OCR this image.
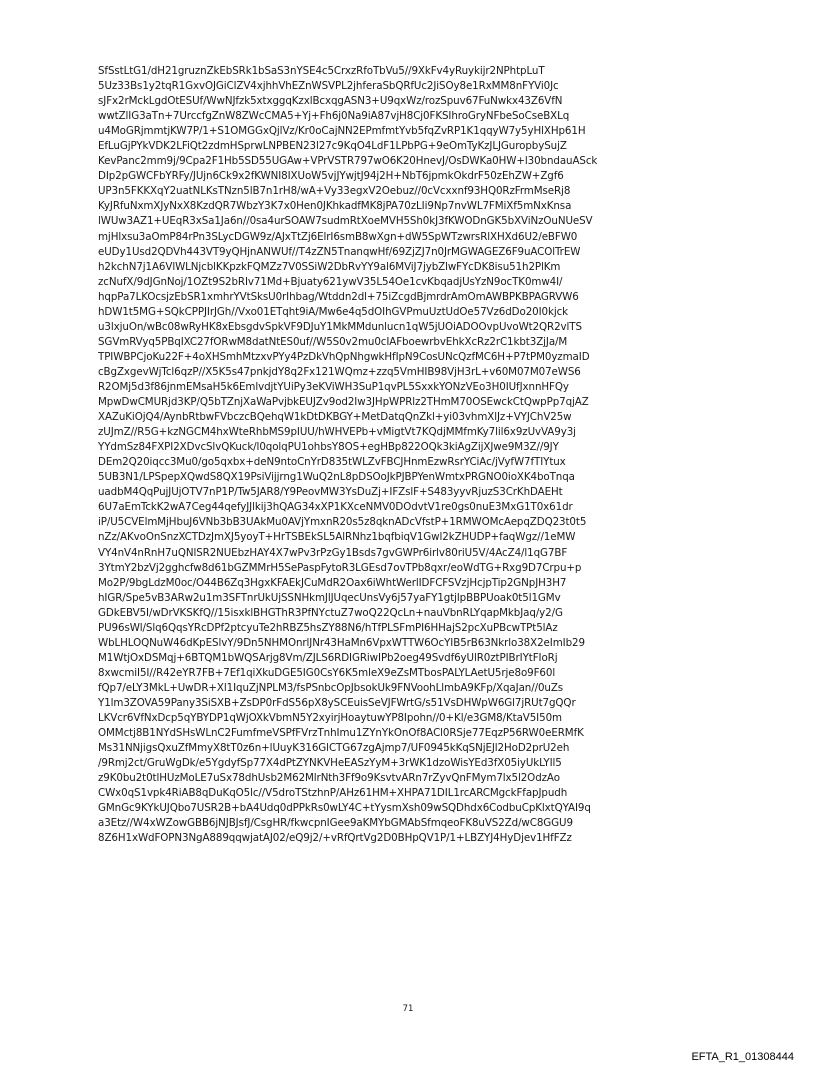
SfSstLtG1/dH21gruznZkEbSRk1bSaS3nYSE4c5CrxzRfoTbVu5//9XkFv4yRuykijr2NPhtpLuT
5Uz33Bs1y2tqR1GxvOJGiClZV4xjhhVhEZnWSVPL2jhferaSbQRfUc2JiSOy8e1RxMM8nFYVi0Jc
sJFx2rMckLgdOtESUf/WwNJfzk5xtxggqKzxlBcxqgASN3+U9qxWz/rozSpuv67FuNwkx43Z6VfN
wwtZlIG3aTn+7UrccfgZnW8ZWcCMA5+Yj+Fh6j0Na9iA87vjH8Cj0FKSIhroGryNFbeSoCseBXLq
u4MoGRjmmtjKW7P/1+S1OMGGxQjlVz/Kr0oCajNN2EPmfmtYvb5fqZvRP1K1qqyW7y5yHlXHp61H
EfLuGjPYkVDK2LFiQt2zdmHSprwLNPBEN23l27c9KqO4LdF1LPbPG+9eOmTyKzJLJGuropbySujZ
KevPanc2mm9j/9Cpa2F1Hb5SD55UGAw+VPrVSTR797wO6K20HnevJ/OsDWKa0HW+l30bndauASck
DIp2pGWCFbYRFy/JUjn6Ck9x2fKWNI8IXUoW5vjJYwjtJ94j2H+NbT6jpmkOkdrF50zEhZW+Zgf6
UP3n5FKKXqY2uatNLKsTNzn5lB7n1rH8/wA+Vy33egxV2Oebuz//0cVcxxnf93HQ0RzFrmMseRj8
KyJRfuNxmXJyNxX8KzdQR7WbzY3K7x0Hen0JKhkadfMK8jPA70zLIi9Np7nvWL7FMiXf5mNxKnsa
lWUw3AZ1+UEqR3xSa1Ja6n//0sa4urSOAW7sudmRtXoeMVH5Sh0kJ3fKWODnGK5bXViNzOuNUeSV
mjHlxsu3aOmP84rPn3SLycDGW9z/AJxTtZj6ElrI6smB8wXgn+dW5SpWTzwrsRlXHXd6U2/eBFW0
eUDy1Usd2QDVh443VT9yQHjnANWUf//T4zZN5TnanqwHf/69ZjZJ7n0JrMGWAGEZ6F9uACOlTrEW
h2kchN7j1A6VlWLNjcblKKpzkFQMZz7V0SSiW2DbRvYY9al6MViJ7jybZlwFYcDK8isu51h2PlKm
zcNufX/9dJGnNoj/1OZt9S2bRIv71Md+Bjuaty621ywV35L54Oe1cvKbqadjUsYzN9ocTK0mw4I/
hqpPa7LKOcsjzEbSR1xmhrYVtSksU0rIhbag/Wtddn2dl+75iZcgdBjmrdrAmOmAWBPKBPAGRVW6
hDW1t5MG+SQkCPPJIrJGh//Vxo01ETqht9iA/Mw6e4q5dOIhGVPmuUztUdOe57Vz6dDo20I0kjck
u3lxjuOn/wBc08wRyHK8xEbsgdvSpkVF9DJuY1MkMMdunlucn1qW5jUOiADOOvpUvoWt2QR2vlTS
SGVmRVyq5PBqIXC27fORwM8datNtES0uf//W5S0v2mu0cIAFboewrbvEhkXcRz2rC1kbt3ZjJa/M
TPIWBPCjoKu22F+4oXHSmhMtzxvPYy4PzDkVhQpNhgwkHfIpN9CosUNcQzfMC6H+P7tPM0yzmaID
cBgZxgevWjTcl6qzP//X5K5s47pnkjdY8q2Fx121WQmz+zzq5VmHIB98VjH3rL+v60M07M07eWS6
R2OMj5d3f86jnmEMsaH5k6EmlvdjtYUiPy3eKViWH3SuP1qvPL5SxxkYONzVEo3H0IUfJxnnHFQy
MpwDwCMURjd3KP/Q5bTZnjXaWaPvjbkEUJZv9od2Iw3JHpWPRlz2THmM70OSEwckCtQwpPp7qjAZ
XAZuKiOjQ4/AynbRtbwFVbczcBQehqW1kDtDKBGY+MetDatqQnZkl+yi03vhmXlJz+VYJChV25w
zUJmZ//R5G+kzNGCM4hxWteRhbMS9pIUU/hWHVEPb+vMigtVt7KQdjMMfmKy7lil6x9zUvVA9y3j
YYdmSz84FXPI2XDvcSlvQKuck/l0qolqPU1ohbsY8OS+egHBp822OQk3kiAgZijXJwe9M3Z//9JY
DEm2Q20iqcc3Mu0/go5qxbx+deN9ntoCnYrD835tWLZvFBCJHnmEzwRsrYCiAc/jVyfW7fTIYtux
5UB3N1/LPSpepXQwdS8QX19PsiVijjrng1WuQ2nL8pDSOoJkPJBPYenWmtxPRGNO0ioXK4boTnqa
uadbM4QqPujJUjOTV7nP1P/Tw5JAR8/Y9PeovMW3YsDuZj+IFZslF+S483yyvRjuzS3CrKhDAEHt
6U7aEmTckK2wA7Ceg44qefyJJlkij3hQAG34xXP1KXceNMV0DOdvtV1re0gs0nuE3MxG1T0x61dr
iP/U5CVElmMjHbuJ6VNb3bB3UAkMu0AVjYmxnR20s5z8qknADcVfstP+1RMWOMcAepqZDQ23t0t5
nZz/AKvoOnSnzXCTDzJmXJ5yoyT+HrTSBEkSL5AlRNhz1bqfbiqV1Gwl2kZHUDP+faqWgz//1eMW
VY4nV4nRnH7uQNlSR2NUEbzHAY4X7wPv3rPzGy1Bsds7gvGWPr6irlv80riU5V/4AcZ4/l1qG7BF
3YtmY2bzVj2gghcfw8d61bGZMMrH5SePaspFytoR3LGEsd7ovTPb8qxr/eoWdTG+Rxg9D7Crpu+p
Mo2P/9bgLdzM0oc/O44B6Zq3HgxKFAEkJCuMdR2Oax6iWhtWerlIDFCFSVzjHcjpTip2GNpJH3H7
hIGR/Spe5vB3ARw2u1m3SFTnrUkUjSSNHkmJlJUqecUnsVy6j57yaFY1gtjlpBBPUoak0t5l1GMv
GDkEBV5I/wDrVKSKfQ//15isxklBHGThR3PfNYctuZ7woQ22QcLn+nauVbnRLYqapMkbJaq/y2/G
PU96sWl/Slq6QqsYRcDPf2ptcyuTe2hRBZ5hsZY88N6/hTfPLSFmPI6HHajS2pcXuPBcwTPt5lAz
WbLHLOQNuW46dKpESlvY/9Dn5NHMOnrlJNr43HaMn6VpxWTTW6OcYIB5rB63Nkrlo38X2eImIb29
M1WtjOxDSMqj+6BTQM1bWQSArjg8Vm/ZJLS6RDIGRiwIPb2oeg49Svdf6yUlR0ztPIBrIYtFIoRj
8xwcmiI5I//R42eYR7FB+7Ef1qiXkuDGE5IG0CsY6K5mleX9eZsMTbosPALYLAetU5rje8o9F60l
fQp7/eLY3MkL+UwDR+Xl1IquZjNPLM3/fsPSnbcOpJbsokUk9FNVoohLlmbA9KFp/XqaJan//0uZs
Y1lm3ZOVA59Pany3SiSXB+ZsDP0rFdS56pX8ySCEuisSeVJFWrtG/s51VsDHWpW6Gl7jRUt7gQQr
LKVcr6VfNxDcp5qYBYDP1qWjOXkVbmN5Y2xyirjHoaytuwYP8Ipohn//0+Kl/e3GM8/KtaV5I50m
OMMctj8B1NYdSHsWLnC2FumfmeVSPfFVrzTnhImu1ZYnYkOnOf8ACl0RSje77EqzP56RW0eERMfK
Ms31NNjigsQxuZfMmyX8tT0z6n+lUuyK316GlCTG67zgAjmp7/UF0945kKqSNjEJl2HoD2prU2eh
/9Rmj2ct/GruWgDk/e5YgdyfSp77X4dPtZYNKVHeEASzYyM+3rWK1dzoWisYEd3fX05iyUkLYIl5
z9K0bu2t0tlHUzMoLE7uSx78dhUsb2M62MlrNth3Ff9o9KsvtvARn7rZyvQnFMym7lx5l2OdzAo
CWx0qS1vpk4RiAB8qDuKqO5lc//V5droTStzhnP/AHz61HM+XHPA71DIL1rcARCMgckFfapJpudh
GMnGc9KYkUJQbo7USR2B+bA4Udq0dPPkRs0wLY4C+tYysmXsh09wSQDhdx6CodbuCpKlxtQYAI9q
a3Etz//W4xWZowGBB6jNJBJsfJ/CsgHR/fkwcpnIGee9aKMYbGMAbSfmqeoFK8uVS2Zd/wC8GGU9
8Z6H1xWdFOPN3NgA889qqwjatAJ02/eQ9j2/+vRfQrtVg2D0BHpQV1P/1+LBZYJ4HyDjev1HfFZz
71
EFTA_R1_01308444
